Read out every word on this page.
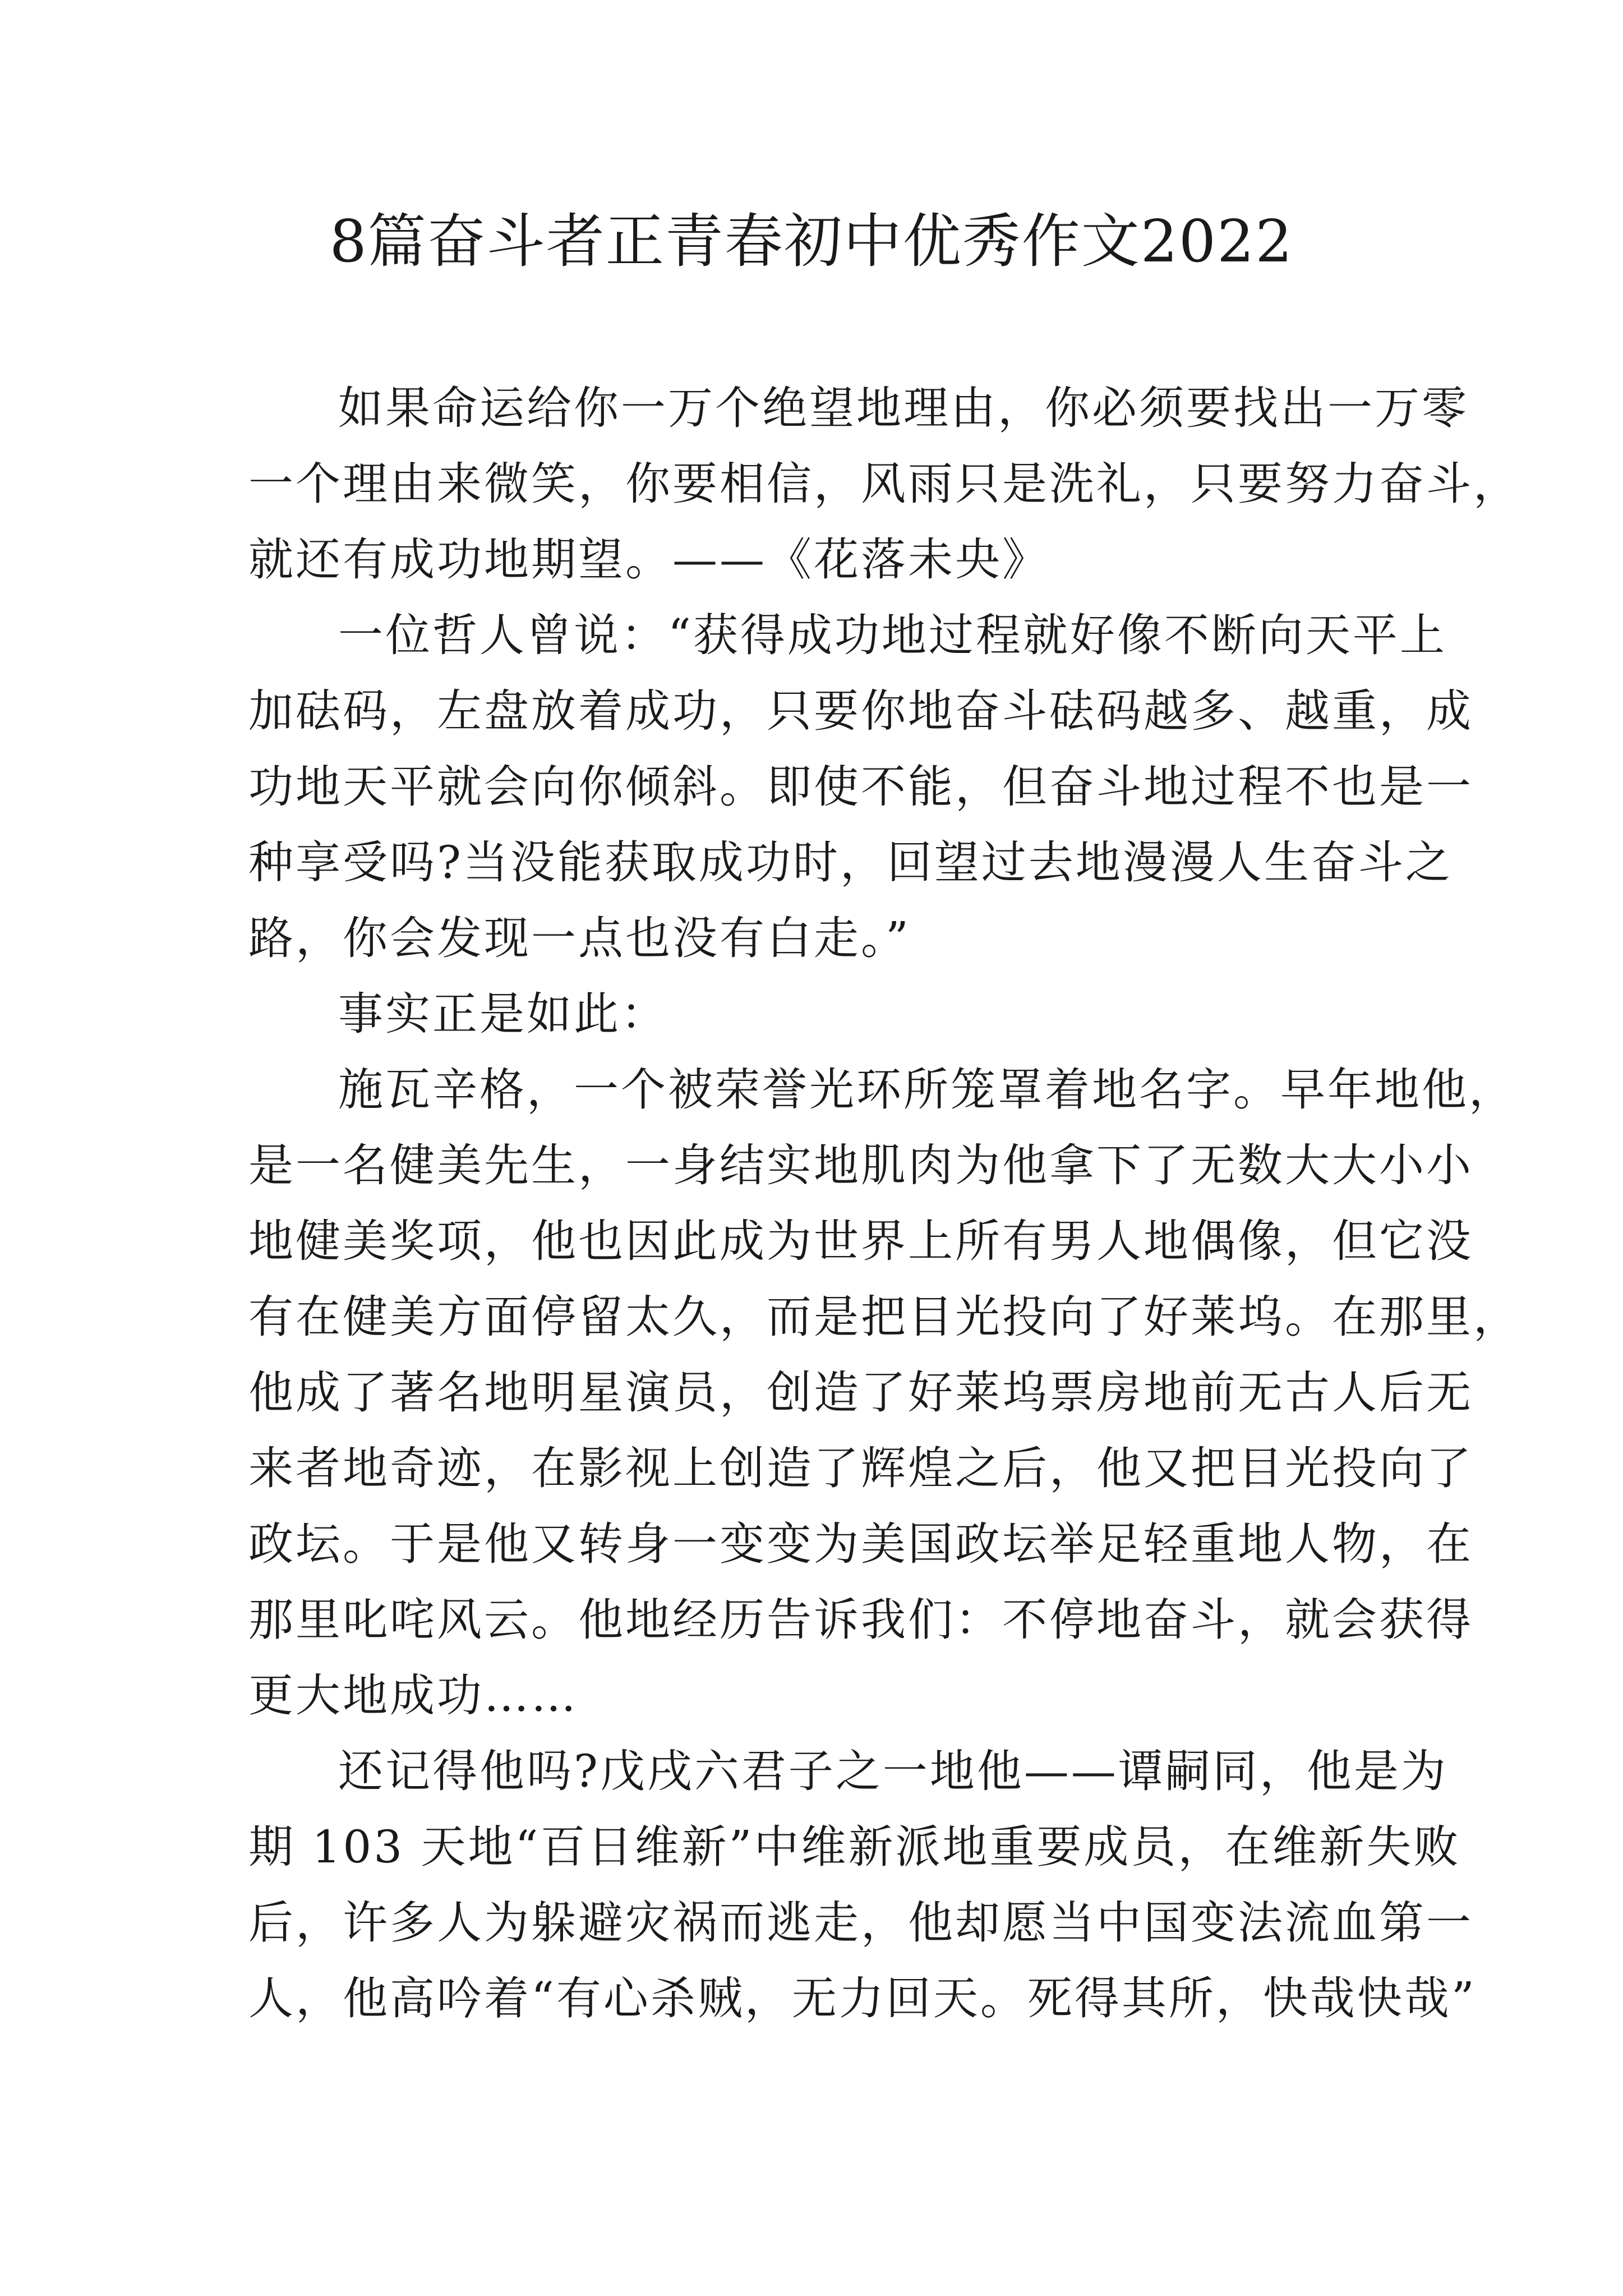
8篇奋斗者正青春初中优秀作文2022

如果命运给你一万个绝望地理由，你必须要找出一万零
一个理由来微笑，你要相信，风雨只是洗礼，只要努力奋斗，
就还有成功地期望。——《花落未央》

一位哲人曾说：“获得成功地过程就好像不断向天平上
加砝码，左盘放着成功，只要你地奋斗砝码越多、越重，成
功地天平就会向你倾斜。即使不能，但奋斗地过程不也是一
种享受吗?当没能获取成功时，回望过去地漫漫人生奋斗之
路，你会发现一点也没有白走。”

事实正是如此：

施瓦辛格，一个被荣誉光环所笼罩着地名字。早年地他，
是一名健美先生，一身结实地肌肉为他拿下了无数大大小小
地健美奖项，他也因此成为世界上所有男人地偶像，但它没
有在健美方面停留太久，而是把目光投向了好莱坞。在那里，
他成了著名地明星演员，创造了好莱坞票房地前无古人后无
来者地奇迹，在影视上创造了辉煌之后，他又把目光投向了
政坛。于是他又转身一变变为美国政坛举足轻重地人物，在
那里叱咤风云。他地经历告诉我们：不停地奋斗，就会获得
更大地成功……

还记得他吗?戊戌六君子之一地他——谭嗣同，他是为
期 103 天地“百日维新”中维新派地重要成员，在维新失败
后，许多人为躲避灾祸而逃走，他却愿当中国变法流血第一
人，他高吟着“有心杀贼，无力回天。死得其所，快哉快哉”
